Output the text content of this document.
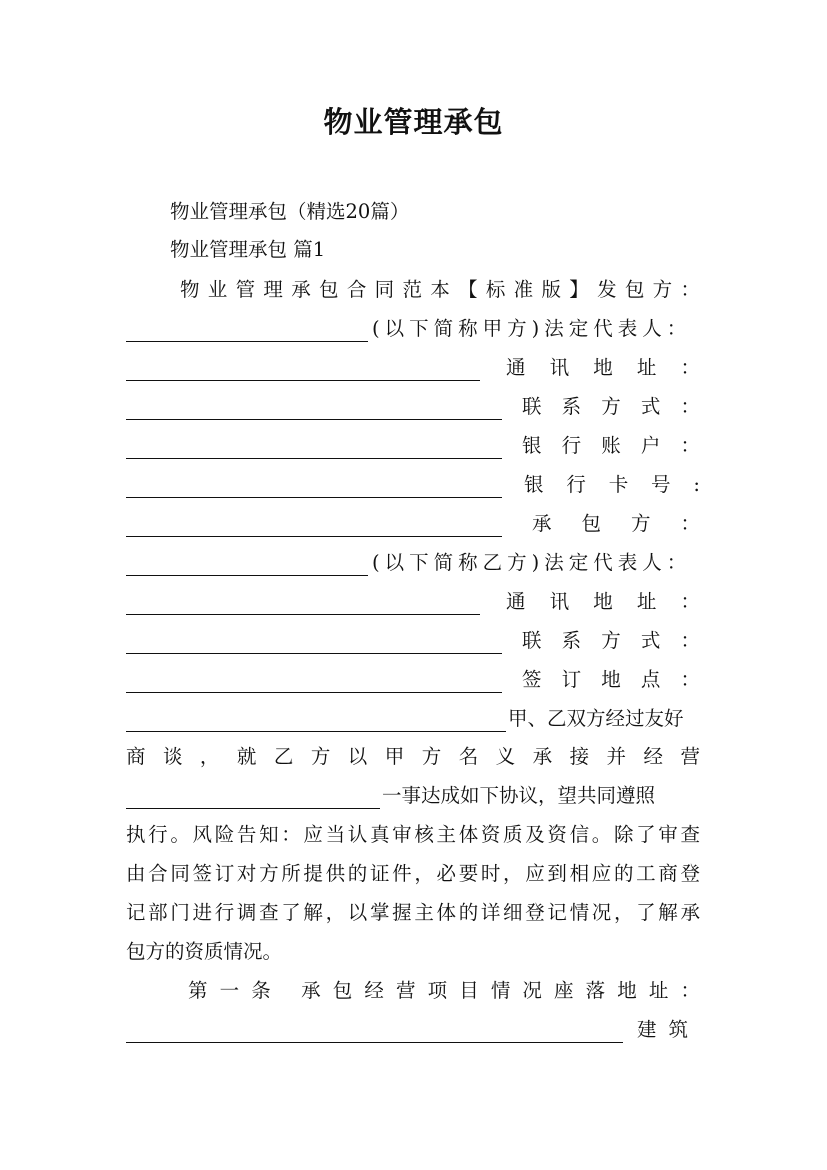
物业管理承包
物业管理承包（精选20篇）
物业管理承包 篇1
物业管理承包合同范本【标准版】发包方：
(以下简称甲方)法定代表人：
通 讯 地 址 ：
联 系 方 式 ：
银 行 账 户 ：
银 行 卡 号 :
承 包 方 ：
(以下简称乙方)法定代表人：
通 讯 地 址 ：
联 系 方 式 ：
签 订 地 点 ：
甲、乙双方经过友好
商谈，就乙方以甲方名义承接并经营
一事达成如下协议，望共同遵照
执行。风险告知：应当认真审核主体资质及资信。除了审查
由合同签订对方所提供的证件，必要时，应到相应的工商登
记部门进行调查了解，以掌握主体的详细登记情况，了解承
包方的资质情况。
第一条 承包经营项目情况座落地址：
建筑
